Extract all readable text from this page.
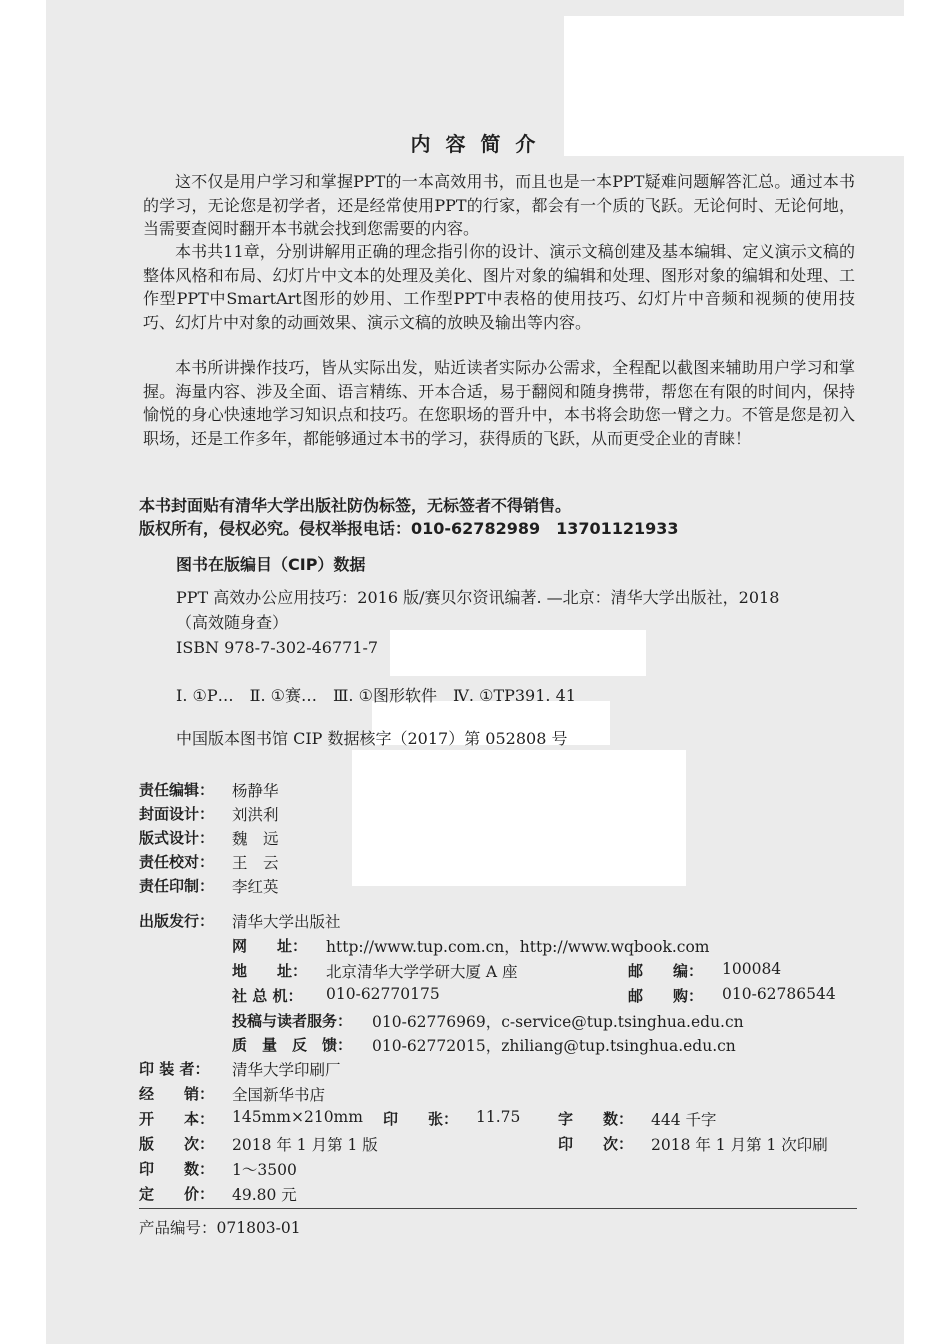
内 容 简 介
这不仅是用户学习和掌握PPT的一本高效用书，而且也是一本PPT疑难问题解答汇总。通过本书的学习，无论您是初学者，还是经常使用PPT的行家，都会有一个质的飞跃。无论何时、无论何地，当需要查阅时翻开本书就会找到您需要的内容。
本书共11章，分别讲解用正确的理念指引你的设计、演示文稿创建及基本编辑、定义演示文稿的整体风格和布局、幻灯片中文本的处理及美化、图片对象的编辑和处理、图形对象的编辑和处理、工作型PPT中SmartArt图形的妙用、工作型PPT中表格的使用技巧、幻灯片中音频和视频的使用技巧、幻灯片中对象的动画效果、演示文稿的放映及输出等内容。
本书所讲操作技巧，皆从实际出发，贴近读者实际办公需求，全程配以截图来辅助用户学习和掌握。海量内容、涉及全面、语言精练、开本合适，易于翻阅和随身携带，帮您在有限的时间内，保持愉悦的身心快速地学习知识点和技巧。在您职场的晋升中，本书将会助您一臂之力。不管是您是初入职场，还是工作多年，都能够通过本书的学习，获得质的飞跃，从而更受企业的青睐！
本书封面贴有清华大学出版社防伪标签，无标签者不得销售。
版权所有，侵权必究。侵权举报电话：010-62782989　13701121933
图书在版编目（CIP）数据
PPT 高效办公应用技巧：2016 版/赛贝尔资讯编著. —北京：清华大学出版社，2018
（高效随身查）
ISBN 978-7-302-46771-7
Ⅰ. ①P…　Ⅱ. ①赛…　Ⅲ. ①图形软件　Ⅳ. ①TP391. 41
中国版本图书馆 CIP 数据核字（2017）第 052808 号
责任编辑： 杨静华
封面设计： 刘洪利
版式设计： 魏　远
责任校对： 王　云
责任印制： 李红英
出版发行： 清华大学出版社
网　　址： http://www.tup.com.cn，http://www.wqbook.com
地　　址： 北京清华大学学研大厦 A 座	邮　　编： 100084
社 总 机： 010-62770175	邮　　购： 010-62786544
投稿与读者服务： 010-62776969，c-service@tup.tsinghua.edu.cn
质　量　反　馈： 010-62772015，zhiliang@tup.tsinghua.edu.cn
印 装 者： 清华大学印刷厂
经　　销： 全国新华书店
开　　本： 145mm×210mm 印　　张： 11.75	字　　数： 444 千字
版　　次： 2018 年 1 月第 1 版	印　　次： 2018 年 1 月第 1 次印刷
印　　数： 1～3500
定　　价： 49.80 元
产品编号：071803-01
